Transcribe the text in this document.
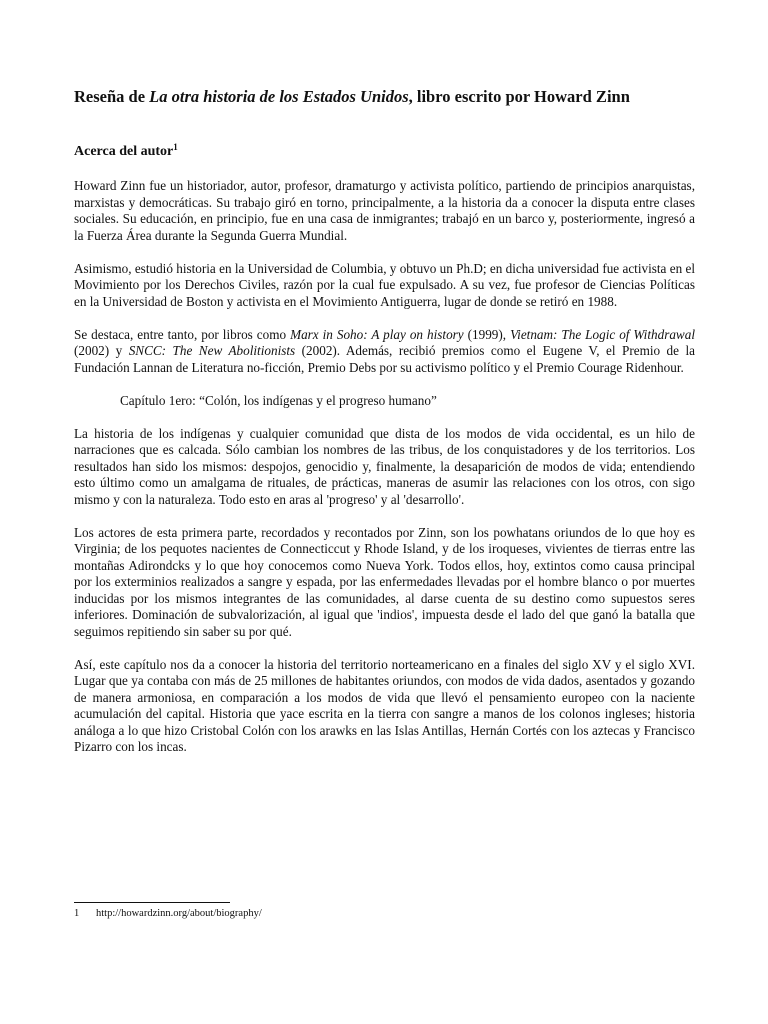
Reseña de La otra historia de los Estados Unidos, libro escrito por Howard Zinn
Acerca del autor$^1$

Howard Zinn fue un historiador, autor, profesor, dramaturgo y activista político, partiendo de principios anarquistas, marxistas y democráticas. Su trabajo giró en torno, principalmente, a la historia da a conocer la disputa entre clases sociales. Su educación, en principio, fue en una casa de inmigrantes; trabajó en un barco y, posteriormente, ingresó a la Fuerza Área durante la Segunda Guerra Mundial.

Asimismo, estudió historia en la Universidad de Columbia, y obtuvo un Ph.D; en dicha universidad fue activista en el Movimiento por los Derechos Civiles, razón por la cual fue expulsado. A su vez, fue profesor de Ciencias Políticas en la Universidad de Boston y activista en el Movimiento Antiguerra, lugar de donde se retiró en 1988.

Se destaca, entre tanto, por libros como Marx in Soho: A play on history (1999), Vietnam: The Logic of Withdrawal (2002) y SNCC: The New Abolitionists (2002). Además, recibió premios como el Eugene V, el Premio de la Fundación Lannan de Literatura no-ficción, Premio Debs por su activismo político y el Premio Courage Ridenhour.

Capítulo 1ero: “Colón, los indígenas y el progreso humano”

La historia de los indígenas y cualquier comunidad que dista de los modos de vida occidental, es un hilo de narraciones que es calcada. Sólo cambian los nombres de las tribus, de los conquistadores y de los territorios. Los resultados han sido los mismos: despojos, genocidio y, finalmente, la desaparición de modos de vida; entendiendo esto último como un amalgama de rituales, de prácticas, maneras de asumir las relaciones con los otros, con sigo mismo y con la naturaleza. Todo esto en aras al 'progreso' y al 'desarrollo'.

Los actores de esta primera parte, recordados y recontados por Zinn, son los powhatans oriundos de lo que hoy es Virginia; de los pequotes nacientes de Connecticcut y Rhode Island, y de los iroqueses, vivientes de tierras entre las montañas Adirondcks y lo que hoy conocemos como Nueva York. Todos ellos, hoy, extintos como causa principal por los exterminios realizados a sangre y espada, por las enfermedades llevadas por el hombre blanco o por muertes inducidas por los mismos integrantes de las comunidades, al darse cuenta de su destino como supuestos seres inferiores. Dominación de subvalorización, al igual que 'indios', impuesta desde el lado del que ganó la batalla que seguimos repitiendo sin saber su por qué.

Así, este capítulo nos da a conocer la historia del territorio norteamericano en a finales del siglo XV y el siglo XVI. Lugar que ya contaba con más de 25 millones de habitantes oriundos, con modos de vida dados, asentados y gozando de manera armoniosa, en comparación a los modos de vida que llevó el pensamiento europeo con la naciente acumulación del capital. Historia que yace escrita en la tierra con sangre a manos de los colonos ingleses; historia análoga a lo que hizo Cristobal Colón con los arawks en las Islas Antillas, Hernán Cortés con los aztecas y Francisco Pizarro con los incas.

1 http://howardzinn.org/about/biography/
